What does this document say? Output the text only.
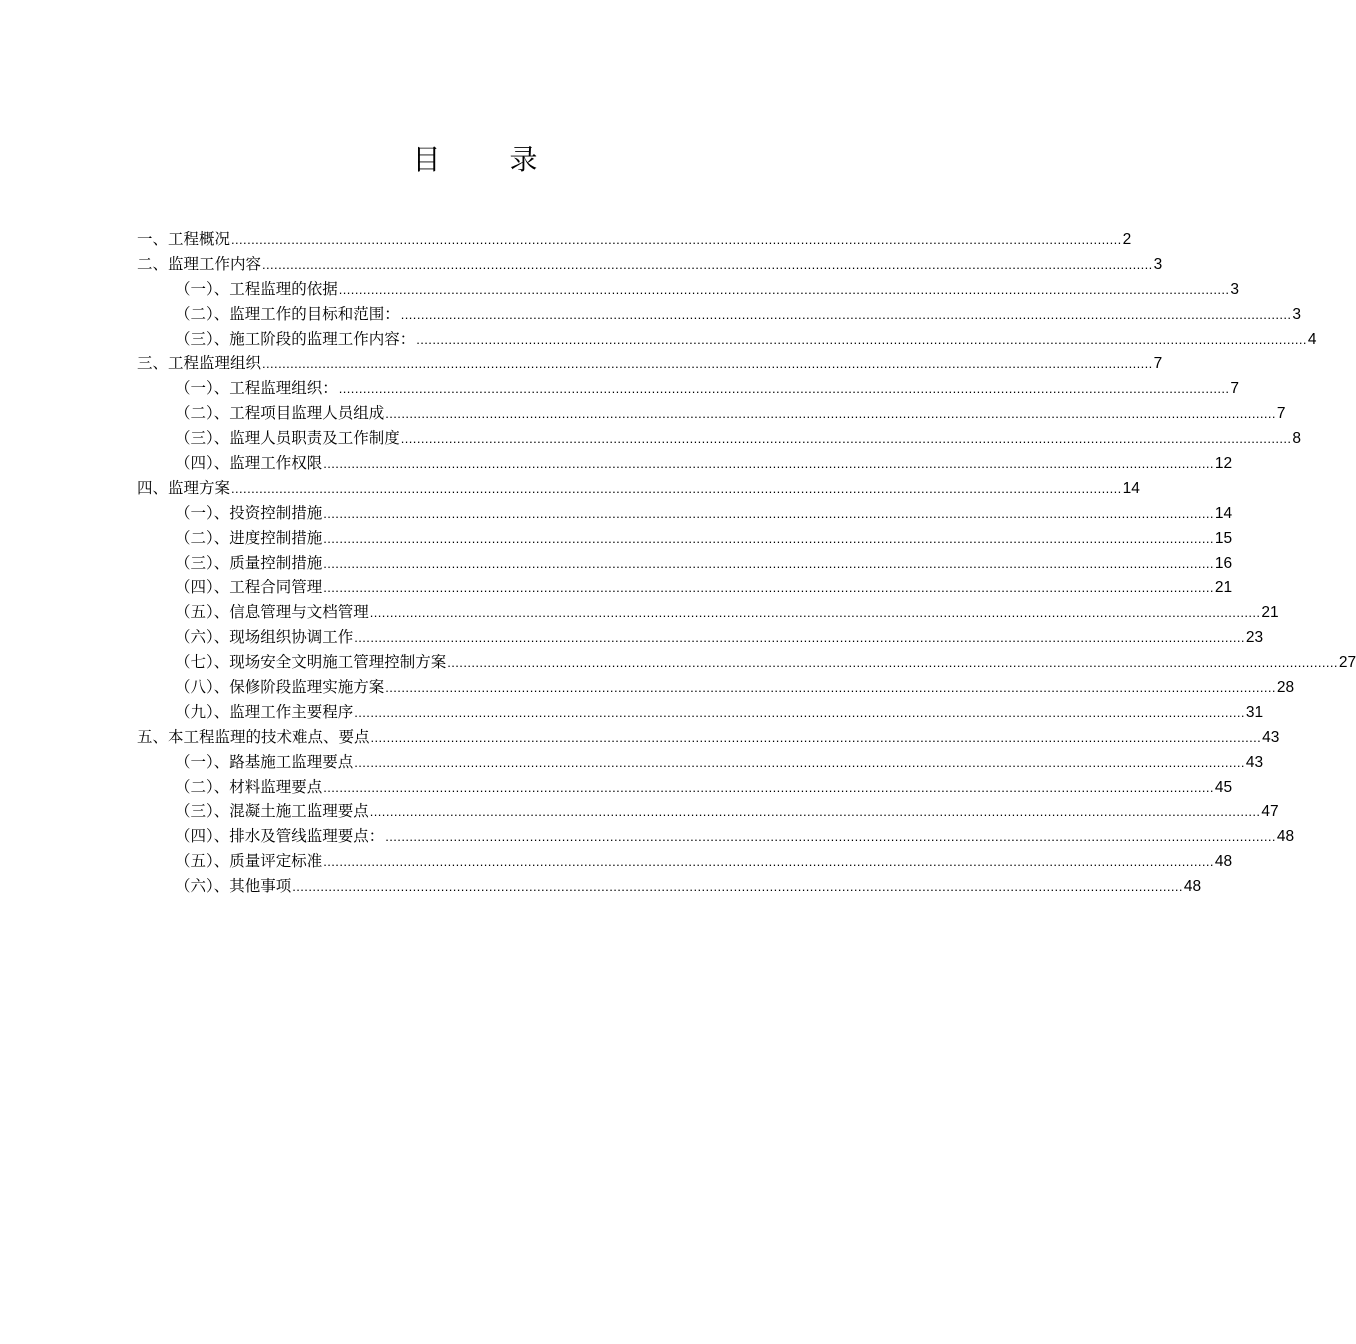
目 录
一、工程概况 .............................................................................................................................................................................................................................. 2
二、监理工作内容 .............................................................................................................................................................................................................................. 3
（一）、工程监理的依据 .............................................................................................................................................................................................................................. 3
（二）、监理工作的目标和范围： .............................................................................................................................................................................................................................. 3
（三）、施工阶段的监理工作内容： .............................................................................................................................................................................................................................. 4
三、工程监理组织 .............................................................................................................................................................................................................................. 7
（一）、工程监理组织： .............................................................................................................................................................................................................................. 7
（二）、工程项目监理人员组成 .............................................................................................................................................................................................................................. 7
（三）、监理人员职责及工作制度 .............................................................................................................................................................................................................................. 8
（四）、监理工作权限 .............................................................................................................................................................................................................................. 12
四、监理方案 .............................................................................................................................................................................................................................. 14
（一）、投资控制措施 .............................................................................................................................................................................................................................. 14
（二）、进度控制措施 .............................................................................................................................................................................................................................. 15
（三）、质量控制措施 .............................................................................................................................................................................................................................. 16
（四）、工程合同管理 .............................................................................................................................................................................................................................. 21
（五）、信息管理与文档管理 .............................................................................................................................................................................................................................. 21
（六）、现场组织协调工作 .............................................................................................................................................................................................................................. 23
（七）、现场安全文明施工管理控制方案 .............................................................................................................................................................................................................................. 27
（八）、保修阶段监理实施方案 .............................................................................................................................................................................................................................. 28
（九）、监理工作主要程序 .............................................................................................................................................................................................................................. 31
五、本工程监理的技术难点、要点 .............................................................................................................................................................................................................................. 43
（一）、路基施工监理要点 .............................................................................................................................................................................................................................. 43
（二）、材料监理要点 .............................................................................................................................................................................................................................. 45
（三）、混凝土施工监理要点 .............................................................................................................................................................................................................................. 47
（四）、排水及管线监理要点： .............................................................................................................................................................................................................................. 48
（五）、质量评定标准 .............................................................................................................................................................................................................................. 48
（六）、其他事项 .............................................................................................................................................................................................................................. 48
